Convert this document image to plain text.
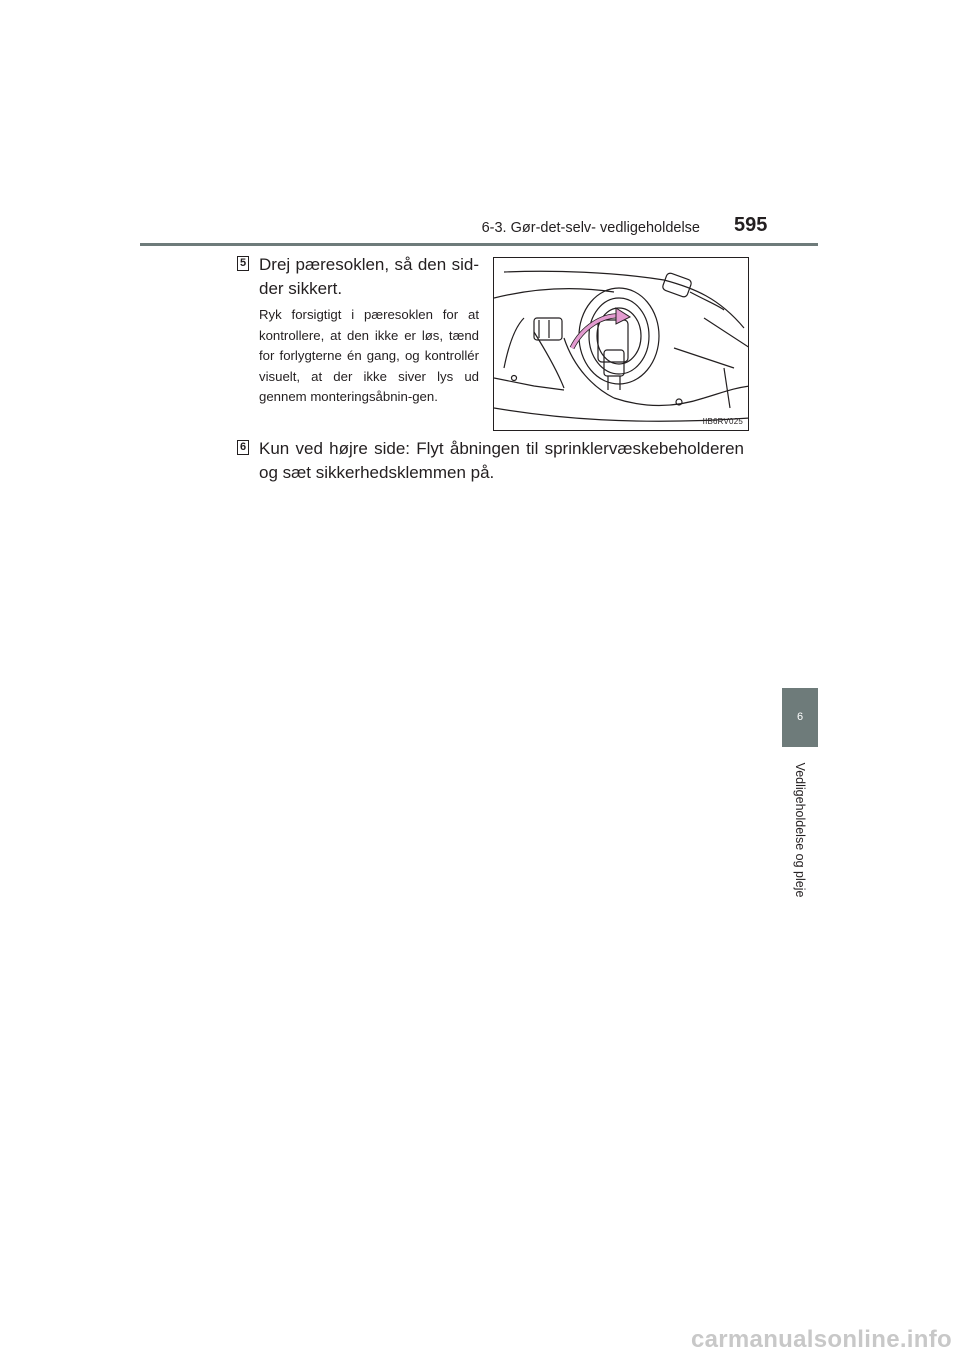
6-3. Gør-det-selv- vedligeholdelse 595
5 Drej pæresoklen, så den sid-der sikkert.
Ryk forsigtigt i pæresoklen for at kontrollere, at den ikke er løs, tænd for forlygterne én gang, og kontrollér visuelt, at der ikke siver lys ud gennem monteringsåbnin-gen.
IIB6RV025
6 Kun ved højre side: Flyt åbningen til sprinklervæskebeholderen og sæt sikkerhedsklemmen på.
6
Vedligeholdelse og pleje
carmanualsonline.info
